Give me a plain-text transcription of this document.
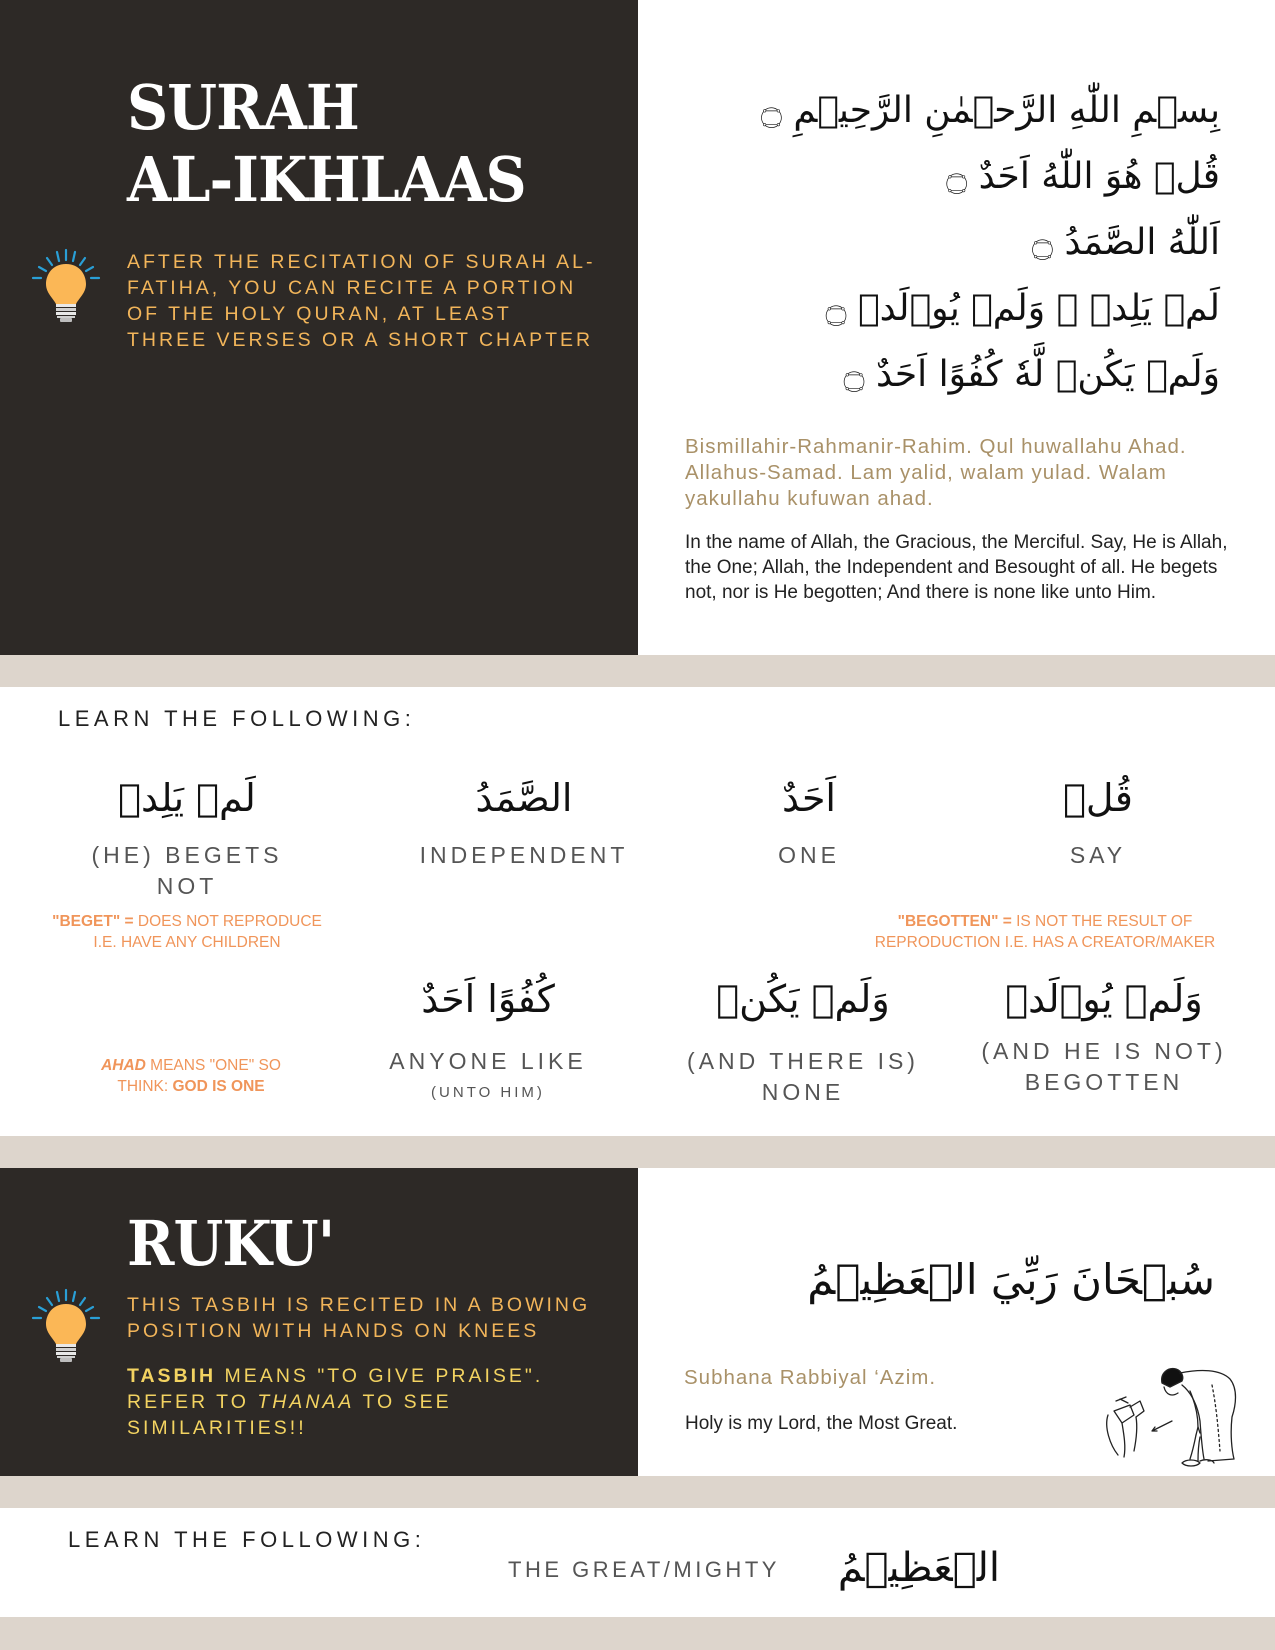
SURAH
AL-IKHLAAS
AFTER THE RECITATION OF SURAH AL-FATIHA, YOU CAN RECITE A PORTION OF THE HOLY QURAN, AT LEAST THREE VERSES OR A SHORT CHAPTER
بِسۡمِ اللّٰهِ الرَّحۡمٰنِ الرَّحِيۡمِ ۝
قُلۡ هُوَ اللّٰهُ اَحَدٌ ۝
اَللّٰهُ الصَّمَدُ ۝
لَمۡ يَلِدۡ ۙ وَلَمۡ يُوۡلَدۡ ۝
وَلَمۡ يَكُنۡ لَّهٗ كُفُوًا اَحَدٌ ۝
Bismillahir-Rahmanir-Rahim. Qul huwallahu Ahad. Allahus-Samad. Lam yalid, walam yulad. Walam yakullahu kufuwan ahad.
In the name of Allah, the Gracious, the Merciful. Say, He is Allah, the One; Allah, the Independent and Besought of all. He begets not, nor is He begotten; And there is none like unto Him.
LEARN THE FOLLOWING:
لَمۡ يَلِدۡ
(HE) BEGETS
NOT
الصَّمَدُ
INDEPENDENT
اَحَدٌ
ONE
قُلۡ
SAY
"BEGET" = DOES NOT REPRODUCE
I.E. HAVE ANY CHILDREN
"BEGOTTEN" = IS NOT THE RESULT OF
REPRODUCTION I.E. HAS A CREATOR/MAKER
AHAD MEANS "ONE" SO
THINK: GOD IS ONE
كُفُوًا اَحَدٌ
ANYONE LIKE
(UNTO HIM)
وَلَمۡ يَكُنۡ
(AND THERE IS)
NONE
وَلَمۡ يُوۡلَدۡ
(AND HE IS NOT)
BEGOTTEN
RUKU'
THIS TASBIH IS RECITED IN A BOWING POSITION WITH HANDS ON KNEES
TASBIH MEANS "TO GIVE PRAISE". REFER TO THANAA TO SEE SIMILARITIES!!
سُبۡحَانَ رَبِّيَ الۡعَظِيۡمُ
Subhana Rabbiyal ‘Azim.
Holy is my Lord, the Most Great.
LEARN THE FOLLOWING:
THE GREAT/MIGHTY الۡعَظِيۡمُ
